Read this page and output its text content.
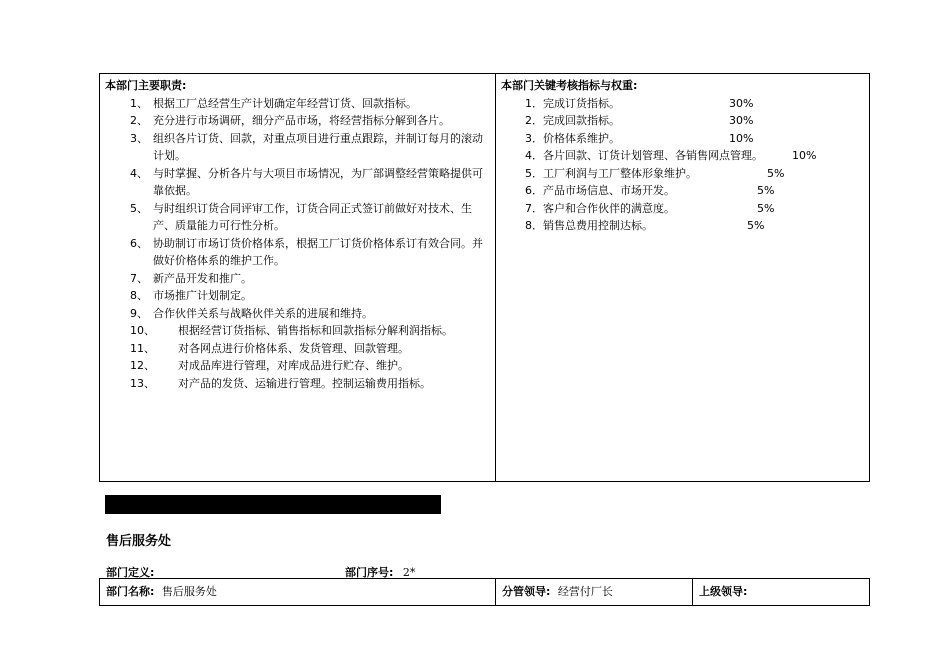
本部门主要职责:
1、 根据工厂总经营生产计划确定年经营订货、回款指标。
2、 充分进行市场调研，细分产品市场，将经营指标分解到各片。
3、 组织各片订货、回款，对重点项目进行重点跟踪，并制订每月的滚动计划。
4、 与时掌握、分析各片与大项目市场情况，为厂部调整经营策略提供可靠依据。
5、 与时组织订货合同评审工作，订货合同正式签订前做好对技术、生产、质量能力可行性分析。
6、 协助制订市场订货价格体系，根据工厂订货价格体系订有效合同。并做好价格体系的维护工作。
7、 新产品开发和推广。
8、 市场推广计划制定。
9、 合作伙伴关系与战略伙伴关系的进展和维持。
10、 根据经营订货指标、销售指标和回款指标分解利润指标。
11、 对各网点进行价格体系、发货管理、回款管理。
12、 对成品库进行管理，对库成品进行贮存、维护。
13、 对产品的发货、运输进行管理。控制运输费用指标。
本部门关键考核指标与权重:
1．完成订货指标。	30%
2．完成回款指标。	30%
3．价格体系维护。	10%
4．各片回款、订货计划管理、各销售网点管理。	10%
5．工厂利润与工厂整体形象维护。	5%
6．产品市场信息、市场开发。	5%
7．客户和合作伙伴的满意度。	5%
8．销售总费用控制达标。	5%
售后服务处
部门定义:	部门序号: 2*
部门名称: 售后服务处	分管领导: 经营付厂长	上级领导:
